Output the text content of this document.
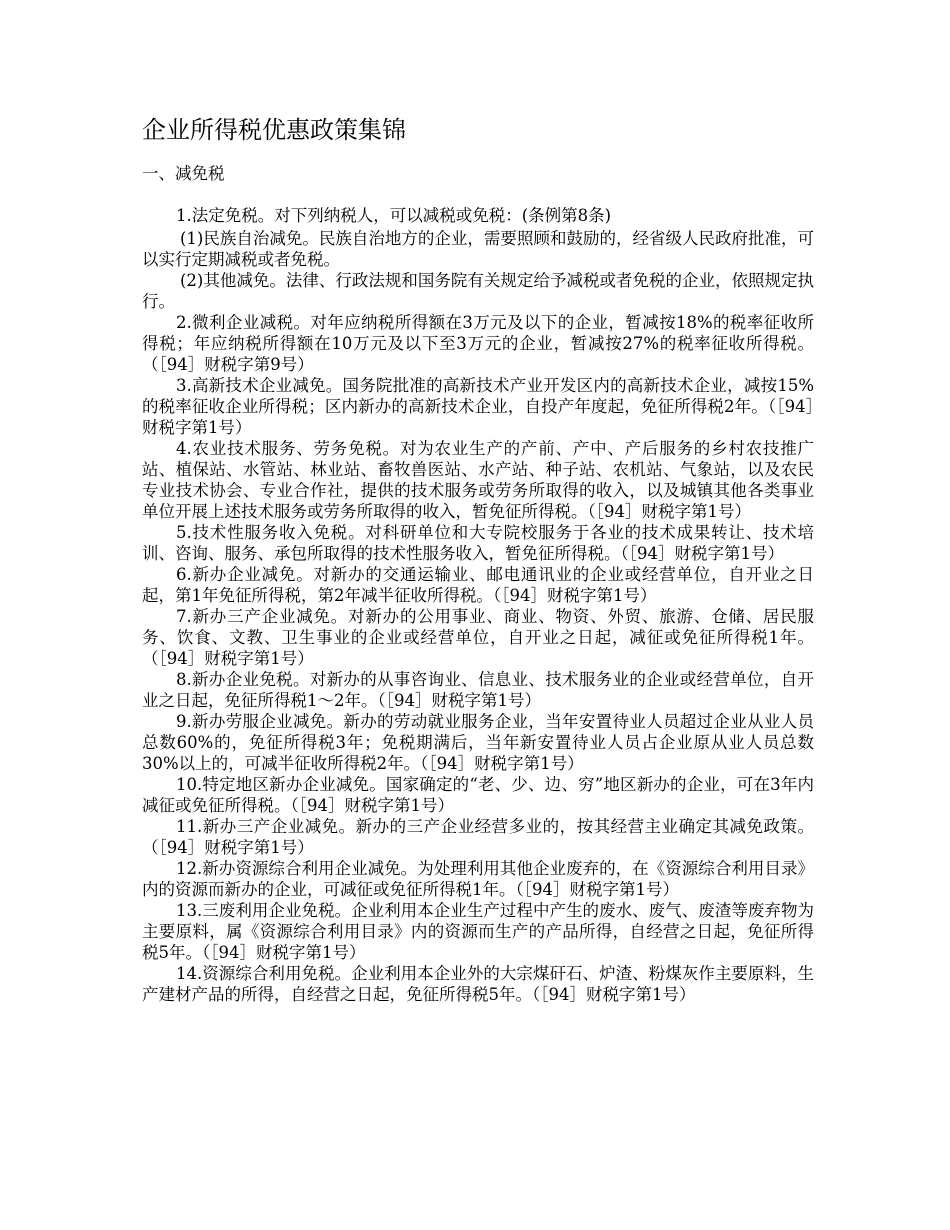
企业所得税优惠政策集锦
一、减免税

1.法定免税。对下列纳税人，可以减税或免税：(条例第8条)

(1)民族自治减免。民族自治地方的企业，需要照顾和鼓励的，经省级人民政府批准，可以实行定期减税或者免税。

(2)其他减免。法律、行政法规和国务院有关规定给予减税或者免税的企业，依照规定执行。

2.微利企业减税。对年应纳税所得额在3万元及以下的企业，暂减按18%的税率征收所得税；年应纳税所得额在10万元及以下至3万元的企业，暂减按27%的税率征收所得税。（［94］财税字第9号）

3.高新技术企业减免。国务院批准的高新技术产业开发区内的高新技术企业，减按15%的税率征收企业所得税；区内新办的高新技术企业，自投产年度起，免征所得税2年。（［94］财税字第1号）

4.农业技术服务、劳务免税。对为农业生产的产前、产中、产后服务的乡村农技推广站、植保站、水管站、林业站、畜牧兽医站、水产站、种子站、农机站、气象站，以及农民专业技术协会、专业合作社，提供的技术服务或劳务所取得的收入，以及城镇其他各类事业单位开展上述技术服务或劳务所取得的收入，暂免征所得税。（［94］财税字第1号）

5.技术性服务收入免税。对科研单位和大专院校服务于各业的技术成果转让、技术培训、咨询、服务、承包所取得的技术性服务收入，暂免征所得税。（［94］财税字第1号）

6.新办企业减免。对新办的交通运输业、邮电通讯业的企业或经营单位，自开业之日起，第1年免征所得税，第2年减半征收所得税。（［94］财税字第1号）

7.新办三产企业减免。对新办的公用事业、商业、物资、外贸、旅游、仓储、居民服务、饮食、文教、卫生事业的企业或经营单位，自开业之日起，减征或免征所得税1年。（［94］财税字第1号）

8.新办企业免税。对新办的从事咨询业、信息业、技术服务业的企业或经营单位，自开业之日起，免征所得税1～2年。（［94］财税字第1号）

9.新办劳服企业减免。新办的劳动就业服务企业，当年安置待业人员超过企业从业人员总数60%的，免征所得税3年；免税期满后，当年新安置待业人员占企业原从业人员总数30%以上的，可减半征收所得税2年。（［94］财税字第1号）

10.特定地区新办企业减免。国家确定的“老、少、边、穷”地区新办的企业，可在3年内减征或免征所得税。（［94］财税字第1号）

11.新办三产企业减免。新办的三产企业经营多业的，按其经营主业确定其减免政策。（［94］财税字第1号）

12.新办资源综合利用企业减免。为处理利用其他企业废弃的，在《资源综合利用目录》内的资源而新办的企业，可减征或免征所得税1年。（［94］财税字第1号）

13.三废利用企业免税。企业利用本企业生产过程中产生的废水、废气、废渣等废弃物为主要原料，属《资源综合利用目录》内的资源而生产的产品所得，自经营之日起，免征所得税5年。（［94］财税字第1号）

14.资源综合利用免税。企业利用本企业外的大宗煤矸石、炉渣、粉煤灰作主要原料，生产建材产品的所得，自经营之日起，免征所得税5年。（［94］财税字第1号）
